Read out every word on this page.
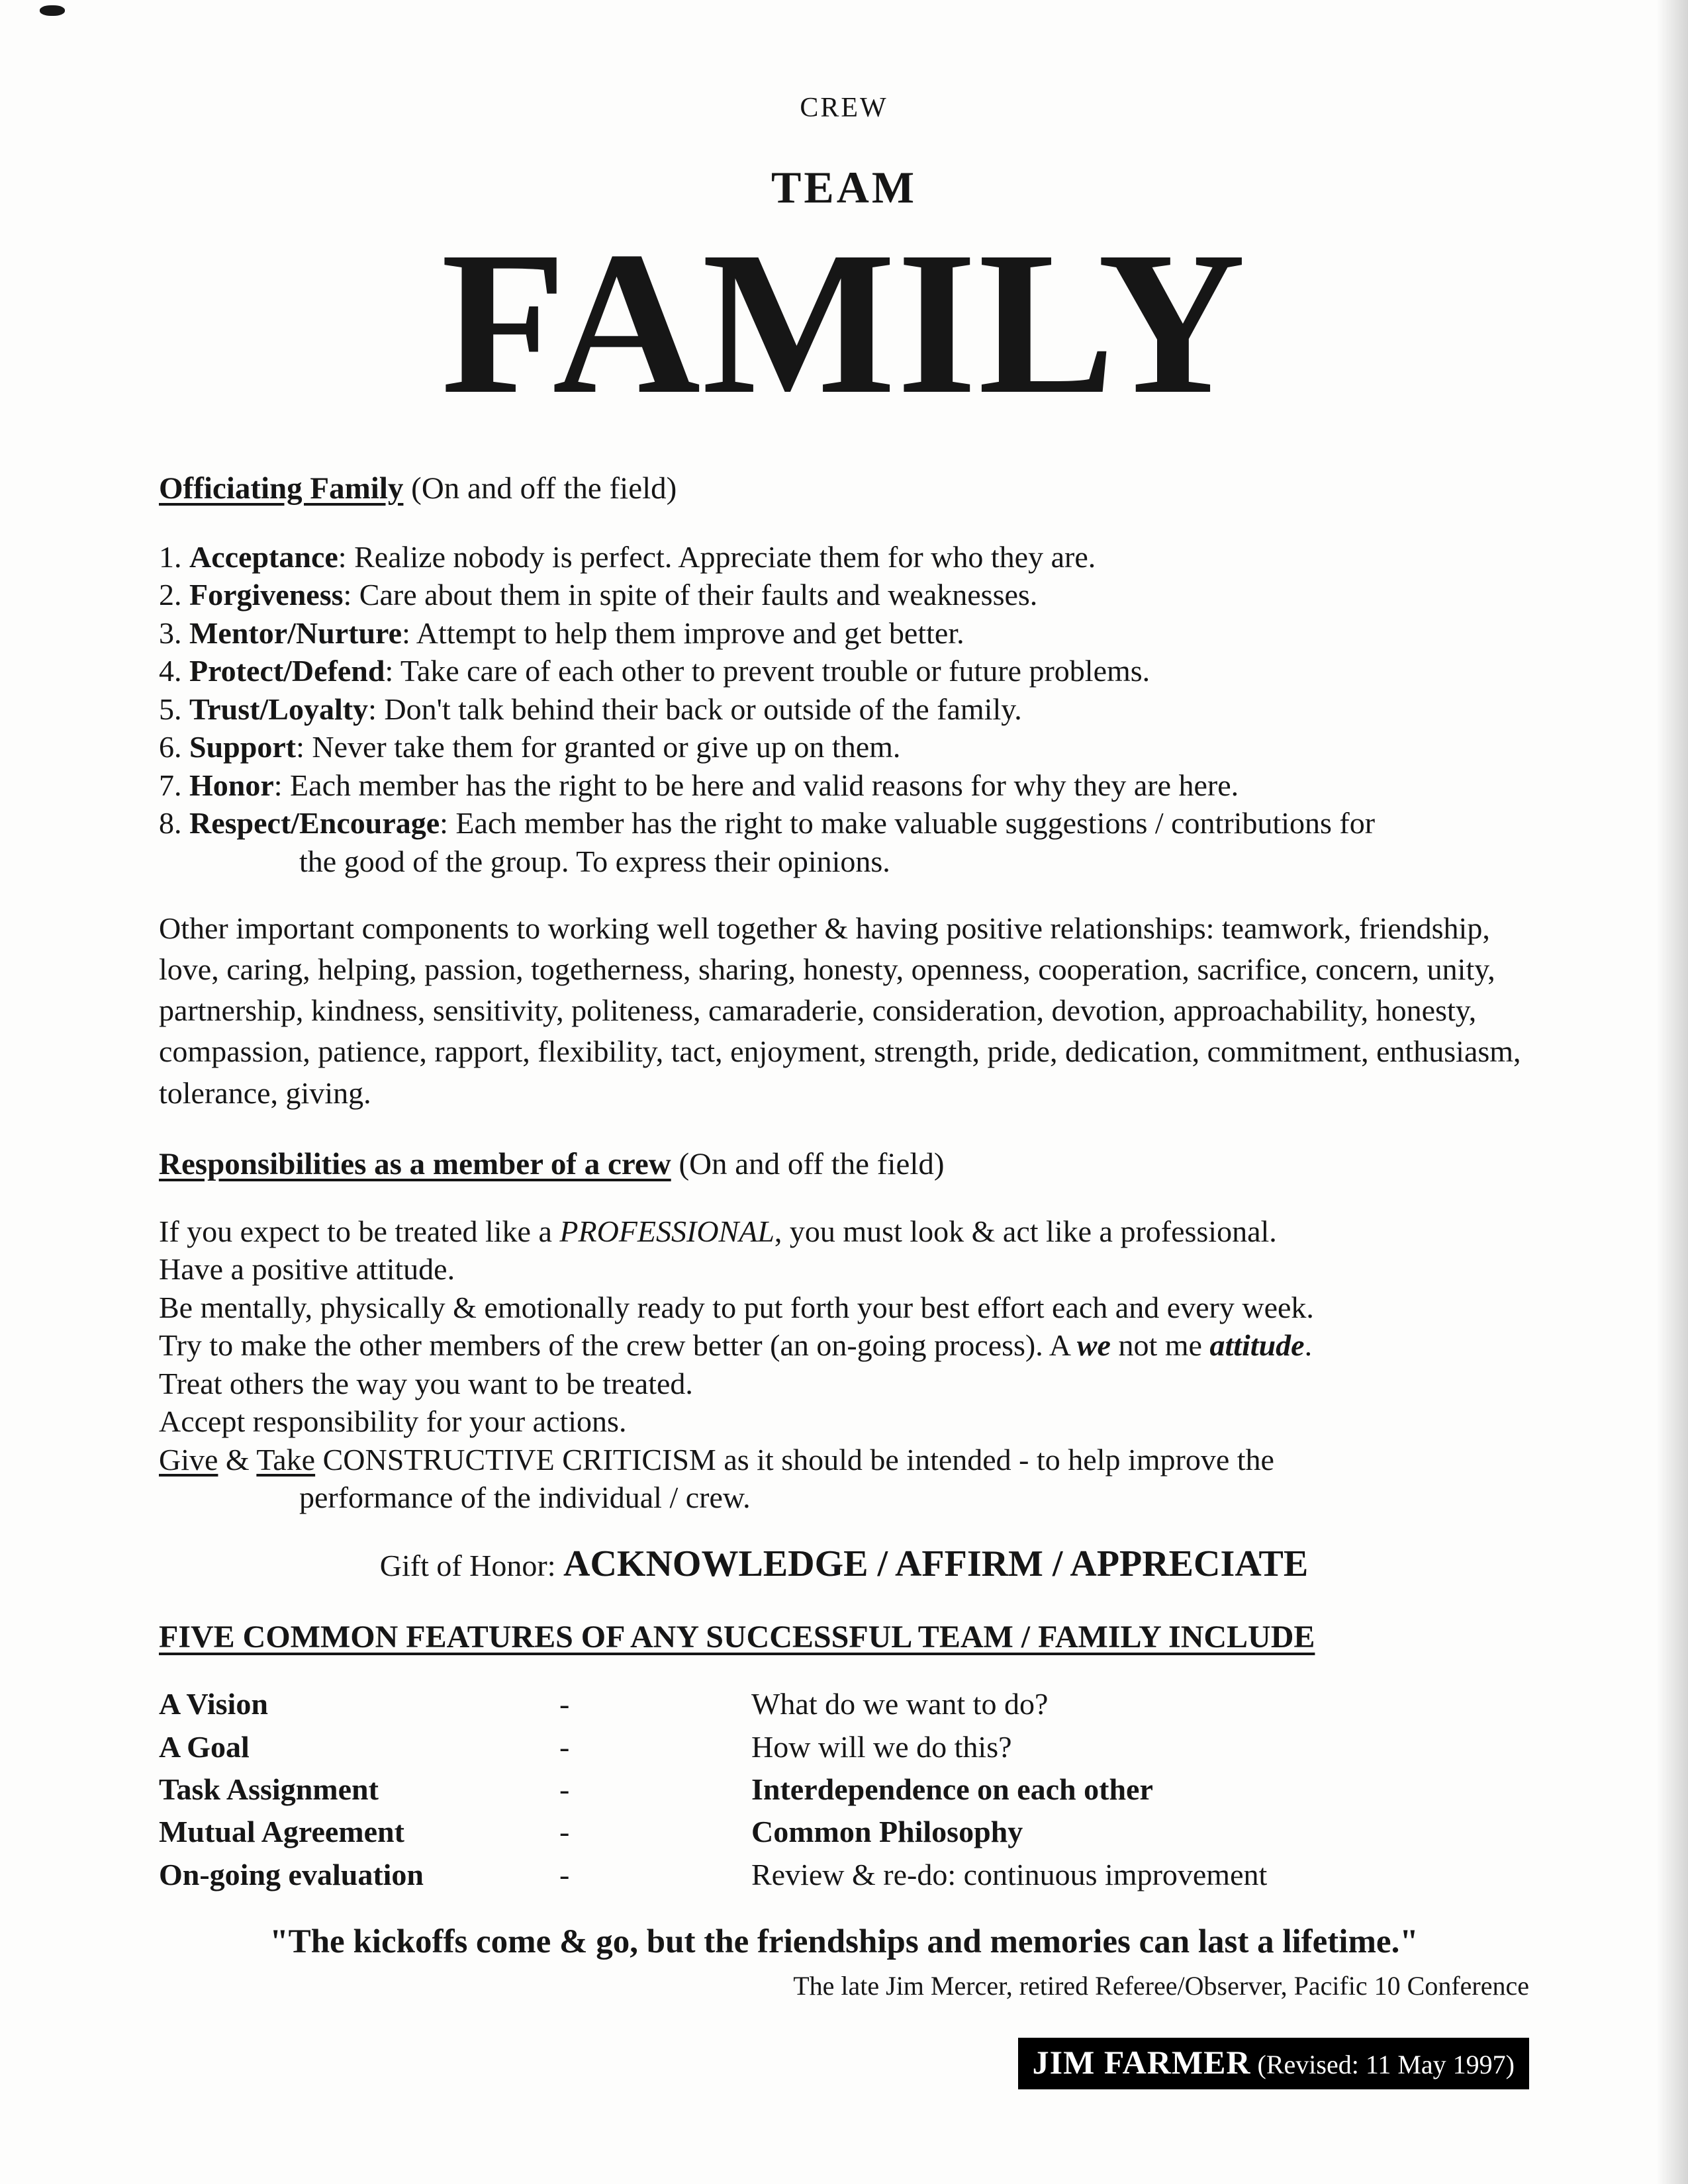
CREW
TEAM
FAMILY

Officiating Family (On and off the field)

1. Acceptance: Realize nobody is perfect. Appreciate them for who they are.

2. Forgiveness: Care about them in spite of their faults and weaknesses.

3. Mentor/Nurture: Attempt to help them improve and get better.

4. Protect/Defend: Take care of each other to prevent trouble or future problems.

5. Trust/Loyalty: Don't talk behind their back or outside of the family.

6. Support: Never take them for granted or give up on them.

7. Honor: Each member has the right to be here and valid reasons for why they are here.

8. Respect/Encourage: Each member has the right to make valuable suggestions / contributions for
the good of the group. To express their opinions.

Other important components to working well together & having positive relationships: teamwork, friendship, love, caring, helping, passion, togetherness, sharing, honesty, openness, cooperation, sacrifice, concern, unity, partnership, kindness, sensitivity, politeness, camaraderie, consideration, devotion, approachability, honesty, compassion, patience, rapport, flexibility, tact, enjoyment, strength, pride, dedication, commitment, enthusiasm, tolerance, giving.

Responsibilities as a member of a crew (On and off the field)

If you expect to be treated like a PROFESSIONAL, you must look & act like a professional.

Have a positive attitude.

Be mentally, physically & emotionally ready to put forth your best effort each and every week.

Try to make the other members of the crew better (an on-going process). A we not me attitude.

Treat others the way you want to be treated.

Accept responsibility for your actions.

Give & Take CONSTRUCTIVE CRITICISM as it should be intended - to help improve the
performance of the individual / crew.

Gift of Honor: ACKNOWLEDGE / AFFIRM / APPRECIATE

FIVE COMMON FEATURES OF ANY SUCCESSFUL TEAM / FAMILY INCLUDE

A Vision	-	What do we want to do?
A Goal	-	How will we do this?
Task Assignment	-	Interdependence on each other
Mutual Agreement	-	Common Philosophy
On-going evaluation	-	Review & re-do: continuous improvement

"The kickoffs come & go, but the friendships and memories can last a lifetime."

The late Jim Mercer, retired Referee/Observer, Pacific 10 Conference

JIM FARMER (Revised: 11 May 1997)
